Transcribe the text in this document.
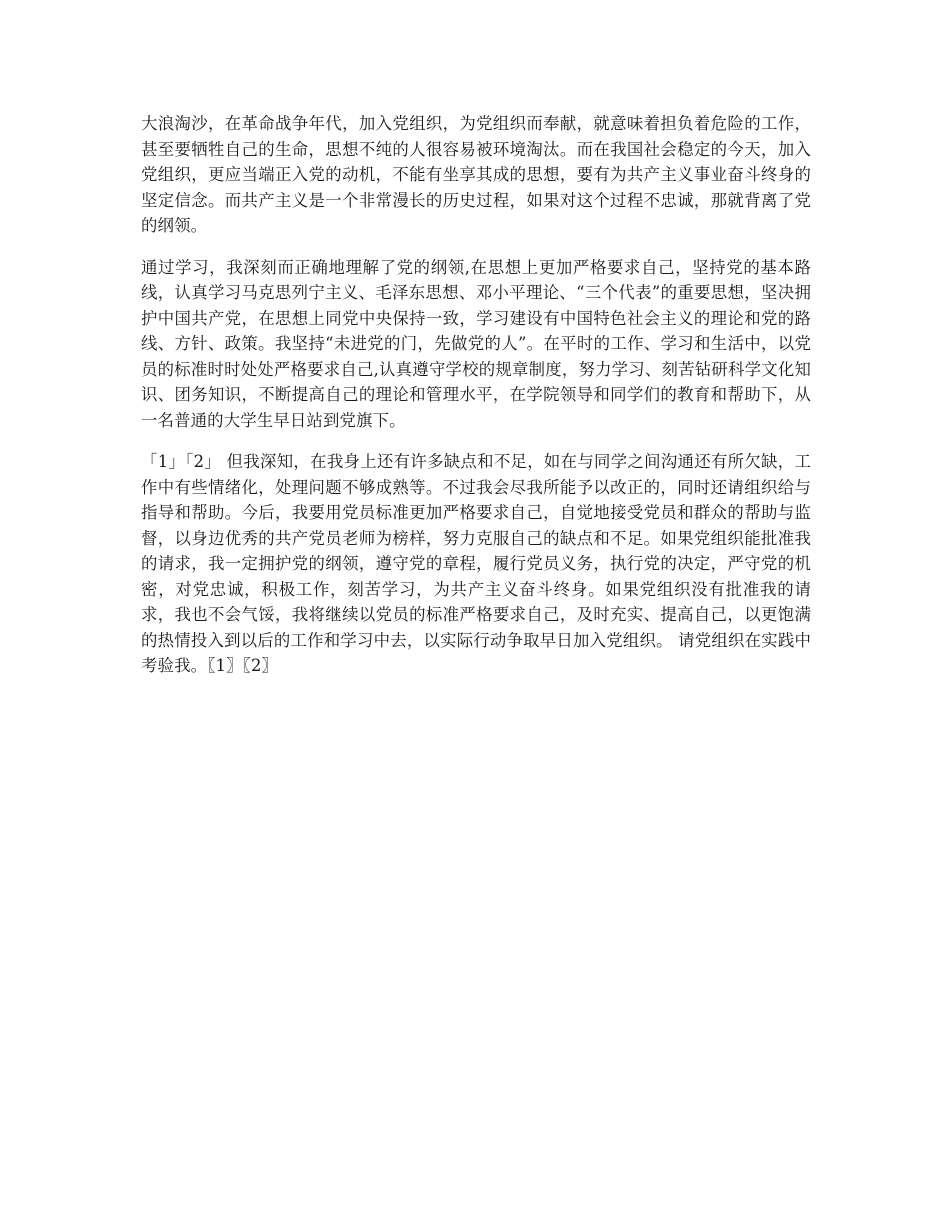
大浪淘沙，在革命战争年代，加入党组织，为党组织而奉献，就意味着担负着危险的工作，甚至要牺牲自己的生命，思想不纯的人很容易被环境淘汰。而在我国社会稳定的今天，加入党组织，更应当端正入党的动机，不能有坐享其成的思想，要有为共产主义事业奋斗终身的坚定信念。而共产主义是一个非常漫长的历史过程，如果对这个过程不忠诚，那就背离了党的纲领。

通过学习，我深刻而正确地理解了党的纲领,在思想上更加严格要求自己，坚持党的基本路线，认真学习马克思列宁主义、毛泽东思想、邓小平理论、“三个代表”的重要思想，坚决拥护中国共产党，在思想上同党中央保持一致，学习建设有中国特色社会主义的理论和党的路线、方针、政策。我坚持“未进党的门，先做党的人”。在平时的工作、学习和生活中，以党员的标准时时处处严格要求自己,认真遵守学校的规章制度，努力学习、刻苦钻研科学文化知识、团务知识，不断提高自己的理论和管理水平，在学院领导和同学们的教育和帮助下，从一名普通的大学生早日站到党旗下。

「1」「2」 但我深知，在我身上还有许多缺点和不足，如在与同学之间沟通还有所欠缺，工作中有些情绪化，处理问题不够成熟等。不过我会尽我所能予以改正的，同时还请组织给与指导和帮助。今后，我要用党员标准更加严格要求自己，自觉地接受党员和群众的帮助与监督，以身边优秀的共产党员老师为榜样，努力克服自己的缺点和不足。如果党组织能批准我的请求，我一定拥护党的纲领，遵守党的章程，履行党员义务，执行党的决定，严守党的机密，对党忠诚，积极工作，刻苦学习，为共产主义奋斗终身。如果党组织没有批准我的请求，我也不会气馁，我将继续以党员的标准严格要求自己，及时充实、提高自己，以更饱满的热情投入到以后的工作和学习中去，以实际行动争取早日加入党组织。 请党组织在实践中考验我。〖1〗〖2〗
